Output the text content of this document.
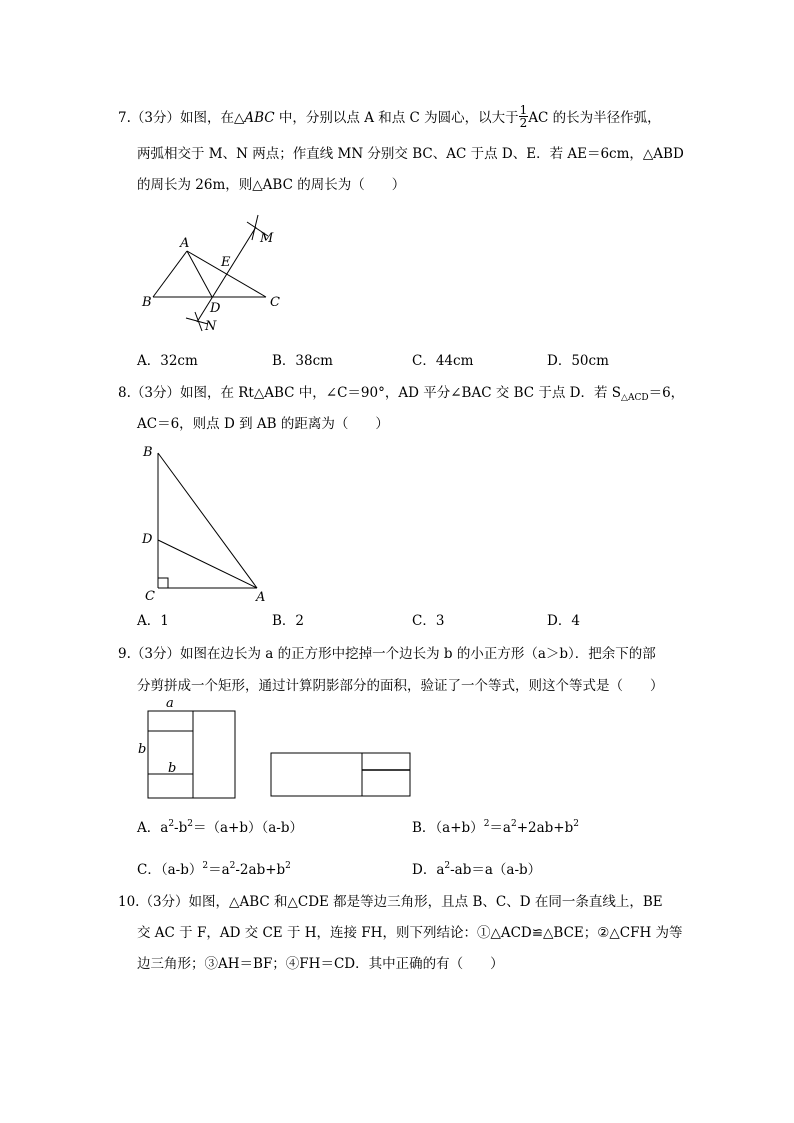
7.（3分）如图，在△ABC 中，分别以点 A 和点 C 为圆心，以大于 $\frac{1}{2}$ AC 的长为半径作弧，
两弧相交于 M、N 两点；作直线 MN 分别交 BC、AC 于点 D、E．若 AE＝6cm，△ABD
的周长为 26m，则△ABC 的周长为（　　）
A
B	C
D
E
M
N
A．32cm	B．38cm	C．44cm	D．50cm
8.（3分）如图，在 Rt△ABC 中，∠C＝90°，AD 平分∠BAC 交 BC 于点 D．若 $S_{\triangle ACD}=6$，
AC＝6，则点 D 到 AB 的距离为（　　）
B
D
C	A
A．1	B．2	C．3	D．4
9.（3分）如图在边长为 a 的正方形中挖掉一个边长为 b 的小正方形（a＞b）．把余下的部
分剪拼成一个矩形，通过计算阴影部分的面积，验证了一个等式，则这个等式是（　　）
a
b
b
A．$a^2-b^2=(a+b)(a-b)$	B．$(a+b)^2=a^2+2ab+b^2$
C．$(a-b)^2=a^2-2ab+b^2$	D．$a^2-ab=a(a-b)$
10.（3分）如图，△ABC 和△CDE 都是等边三角形，且点 B、C、D 在同一条直线上，BE
交 AC 于 F，AD 交 CE 于 H，连接 FH，则下列结论：①△ACD≌△BCE；②△CFH 为等
边三角形；③AH＝BF；④FH＝CD．其中正确的有（　　）
